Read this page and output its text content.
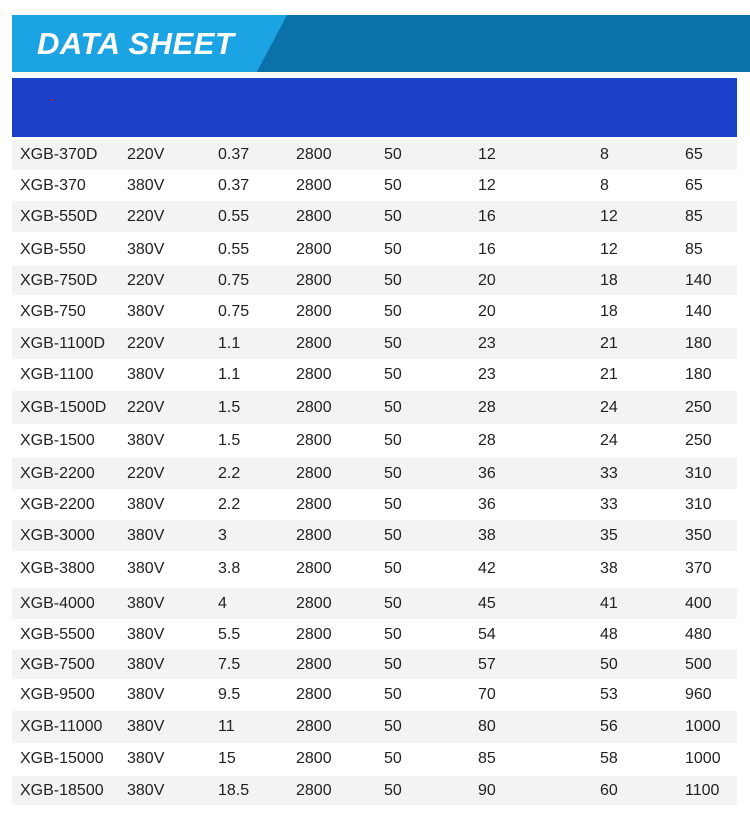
DATA SHEET
XGB-370D 220V	0.37	2800	50	12	8	65
XGB-370	380V	0.37	2800	50	12	8	65
XGB-550D 220V	0.55	2800	50	16	12	85
XGB-550	380V	0.55	2800	50	16	12	85
XGB-750D 220V	0.75	2800	50	20	18	140
XGB-750	380V	0.75	2800	50	20	18	140
XGB-1100D 220V	1.1	2800	50	23	21	180
XGB-1100 380V	1.1	2800	50	23	21	180
XGB-1500D 220V	1.5	2800	50	28	24	250
XGB-1500 380V	1.5	2800	50	28	24	250
XGB-2200 220V	2.2	2800	50	36	33	310
XGB-2200 380V	2.2	2800	50	36	33	310
XGB-3000 380V	3	2800	50	38	35	350
XGB-3800 380V	3.8	2800	50	42	38	370
XGB-4000 380V	4	2800	50	45	41	400
XGB-5500 380V	5.5	2800	50	54	48	480
XGB-7500 380V	7.5	2800	50	57	50	500
XGB-9500 380V	9.5	2800	50	70	53	960
XGB-11000 380V	11	2800	50	80	56	1000
XGB-15000 380V	15	2800	50	85	58	1000
XGB-18500 380V	18.5	2800	50	90	60	1100
